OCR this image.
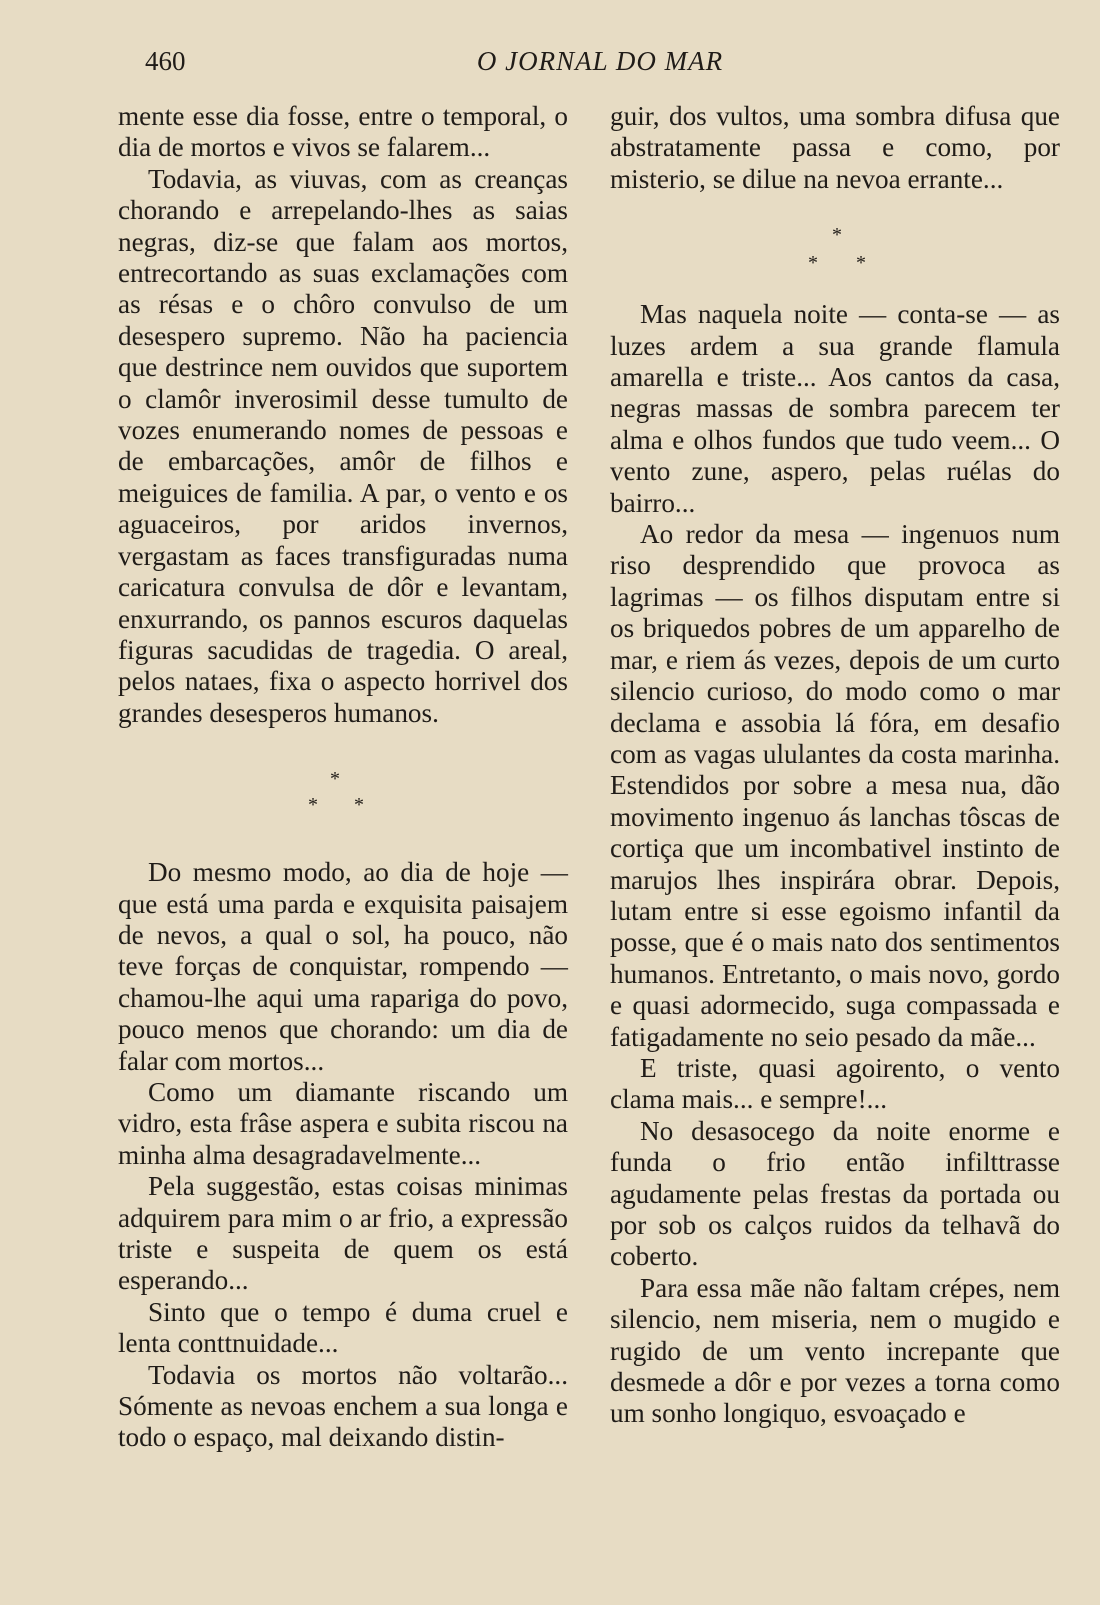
460	O JORNAL DO MAR

mente esse dia fosse, entre o temporal, o dia de mortos e vivos se falarem...

Todavia, as viuvas, com as creanças chorando e arrepelando-lhes as saias negras, diz-se que falam aos mortos, entrecortando as suas exclamações com as résas e o chôro convulso de um desespero supremo. Não ha paciencia que destrince nem ouvidos que suportem o clamôr inverosimil desse tumulto de vozes enumerando nomes de pessoas e de embarcações, amôr de filhos e meiguices de familia. A par, o vento e os aguaceiros, por aridos invernos, vergastam as faces transfiguradas numa caricatura convulsa de dôr e levantam, enxurrando, os pannos escuros daquelas figuras sacudidas de tragedia. O areal, pelos nataes, fixa o aspecto horrivel dos grandes desesperos humanos.

*
* *

Do mesmo modo, ao dia de hoje — que está uma parda e exquisita paisajem de nevos, a qual o sol, ha pouco, não teve forças de conquistar, rompendo — chamou-lhe aqui uma rapariga do povo, pouco menos que chorando: um dia de falar com mortos...

Como um diamante riscando um vidro, esta frâse aspera e subita riscou na minha alma desagradavelmente...

Pela suggestão, estas coisas minimas adquirem para mim o ar frio, a expressão triste e suspeita de quem os está esperando...

Sinto que o tempo é duma cruel e lenta conttnuidade...

Todavia os mortos não voltarão... Sómente as nevoas enchem a sua longa e todo o espaço, mal deixando distin-

guir, dos vultos, uma sombra difusa que abstratamente passa e como, por misterio, se dilue na nevoa errante...

*
* *

Mas naquela noite — conta-se — as luzes ardem a sua grande flamula amarella e triste... Aos cantos da casa, negras massas de sombra parecem ter alma e olhos fundos que tudo veem... O vento zune, aspero, pelas ruélas do bairro...

Ao redor da mesa — ingenuos num riso desprendido que provoca as lagrimas — os filhos disputam entre si os briquedos pobres de um apparelho de mar, e riem ás vezes, depois de um curto silencio curioso, do modo como o mar declama e assobia lá fóra, em desafio com as vagas ululantes da costa marinha. Estendidos por sobre a mesa nua, dão movimento ingenuo ás lanchas tôscas de cortiça que um incombativel instinto de marujos lhes inspirára obrar. Depois, lutam entre si esse egoismo infantil da posse, que é o mais nato dos sentimentos humanos. Entretanto, o mais novo, gordo e quasi adormecido, suga compassada e fatigadamente no seio pesado da mãe...

E triste, quasi agoirento, o vento clama mais... e sempre!...

No desasocego da noite enorme e funda o frio então infilttrasse agudamente pelas frestas da portada ou por sob os calços ruidos da telhavã do coberto.

Para essa mãe não faltam crépes, nem silencio, nem miseria, nem o mugido e rugido de um vento increpante que desmede a dôr e por vezes a torna como um sonho longiquo, esvoaçado e
